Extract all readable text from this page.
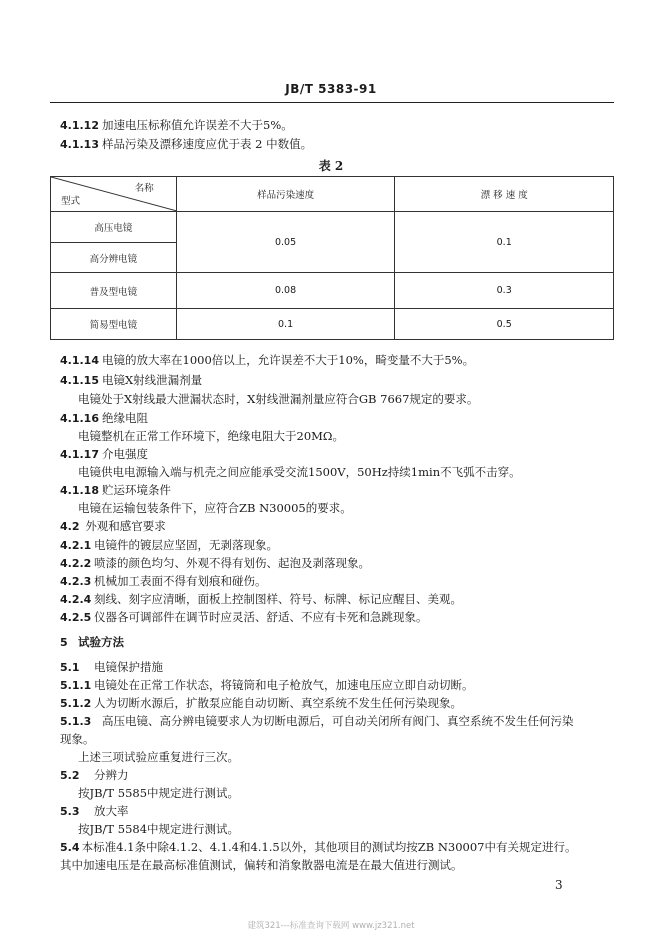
JB/T 5383-91
4.1.12 加速电压标称值允许误差不大于5%。
4.1.13 样品污染及漂移速度应优于表 2 中数值。
表 2
名称
型式	样品污染速度	漂 移 速 度
高压电镜	0.05	0.1
高分辨电镜		
普及型电镜	0.08	0.3
简易型电镜	0.1	0.5
4.1.14 电镜的放大率在1000倍以上，允许误差不大于10%，畸变量不大于5%。
4.1.15 电镜X射线泄漏剂量
电镜处于X射线最大泄漏状态时，X射线泄漏剂量应符合GB 7667规定的要求。
4.1.16 绝缘电阻
电镜整机在正常工作环境下，绝缘电阻大于20MΩ。
4.1.17 介电强度
电镜供电电源输入端与机壳之间应能承受交流1500V，50Hz持续1min不飞弧不击穿。
4.1.18 贮运环境条件
电镜在运输包装条件下，应符合ZB N30005的要求。
4.2 外观和感官要求
4.2.1 电镜件的镀层应坚固，无剥落现象。
4.2.2 喷漆的颜色均匀、外观不得有划伤、起泡及剥落现象。
4.2.3 机械加工表面不得有划痕和碰伤。
4.2.4 刻线、刻字应清晰，面板上控制图样、符号、标牌、标记应醒目、美观。
4.2.5 仪器各可调部件在调节时应灵活、舒适、不应有卡死和急跳现象。
5 试验方法
5.1 电镜保护措施
5.1.1 电镜处在正常工作状态，将镜筒和电子枪放气，加速电压应立即自动切断。
5.1.2 人为切断水源后，扩散泵应能自动切断、真空系统不发生任何污染现象。
5.1.3 高压电镜、高分辨电镜要求人为切断电源后，可自动关闭所有阀门、真空系统不发生任何污染
现象。
上述三项试验应重复进行三次。
5.2 分辨力
按JB/T 5585中规定进行测试。
5.3 放大率
按JB/T 5584中规定进行测试。
5.4 本标准4.1条中除4.1.2、4.1.4和4.1.5以外，其他项目的测试均按ZB N30007中有关规定进行。
其中加速电压是在最高标准值测试，偏转和消象散器电流是在最大值进行测试。
3
建筑321---标准查询下载网 www.jz321.net
